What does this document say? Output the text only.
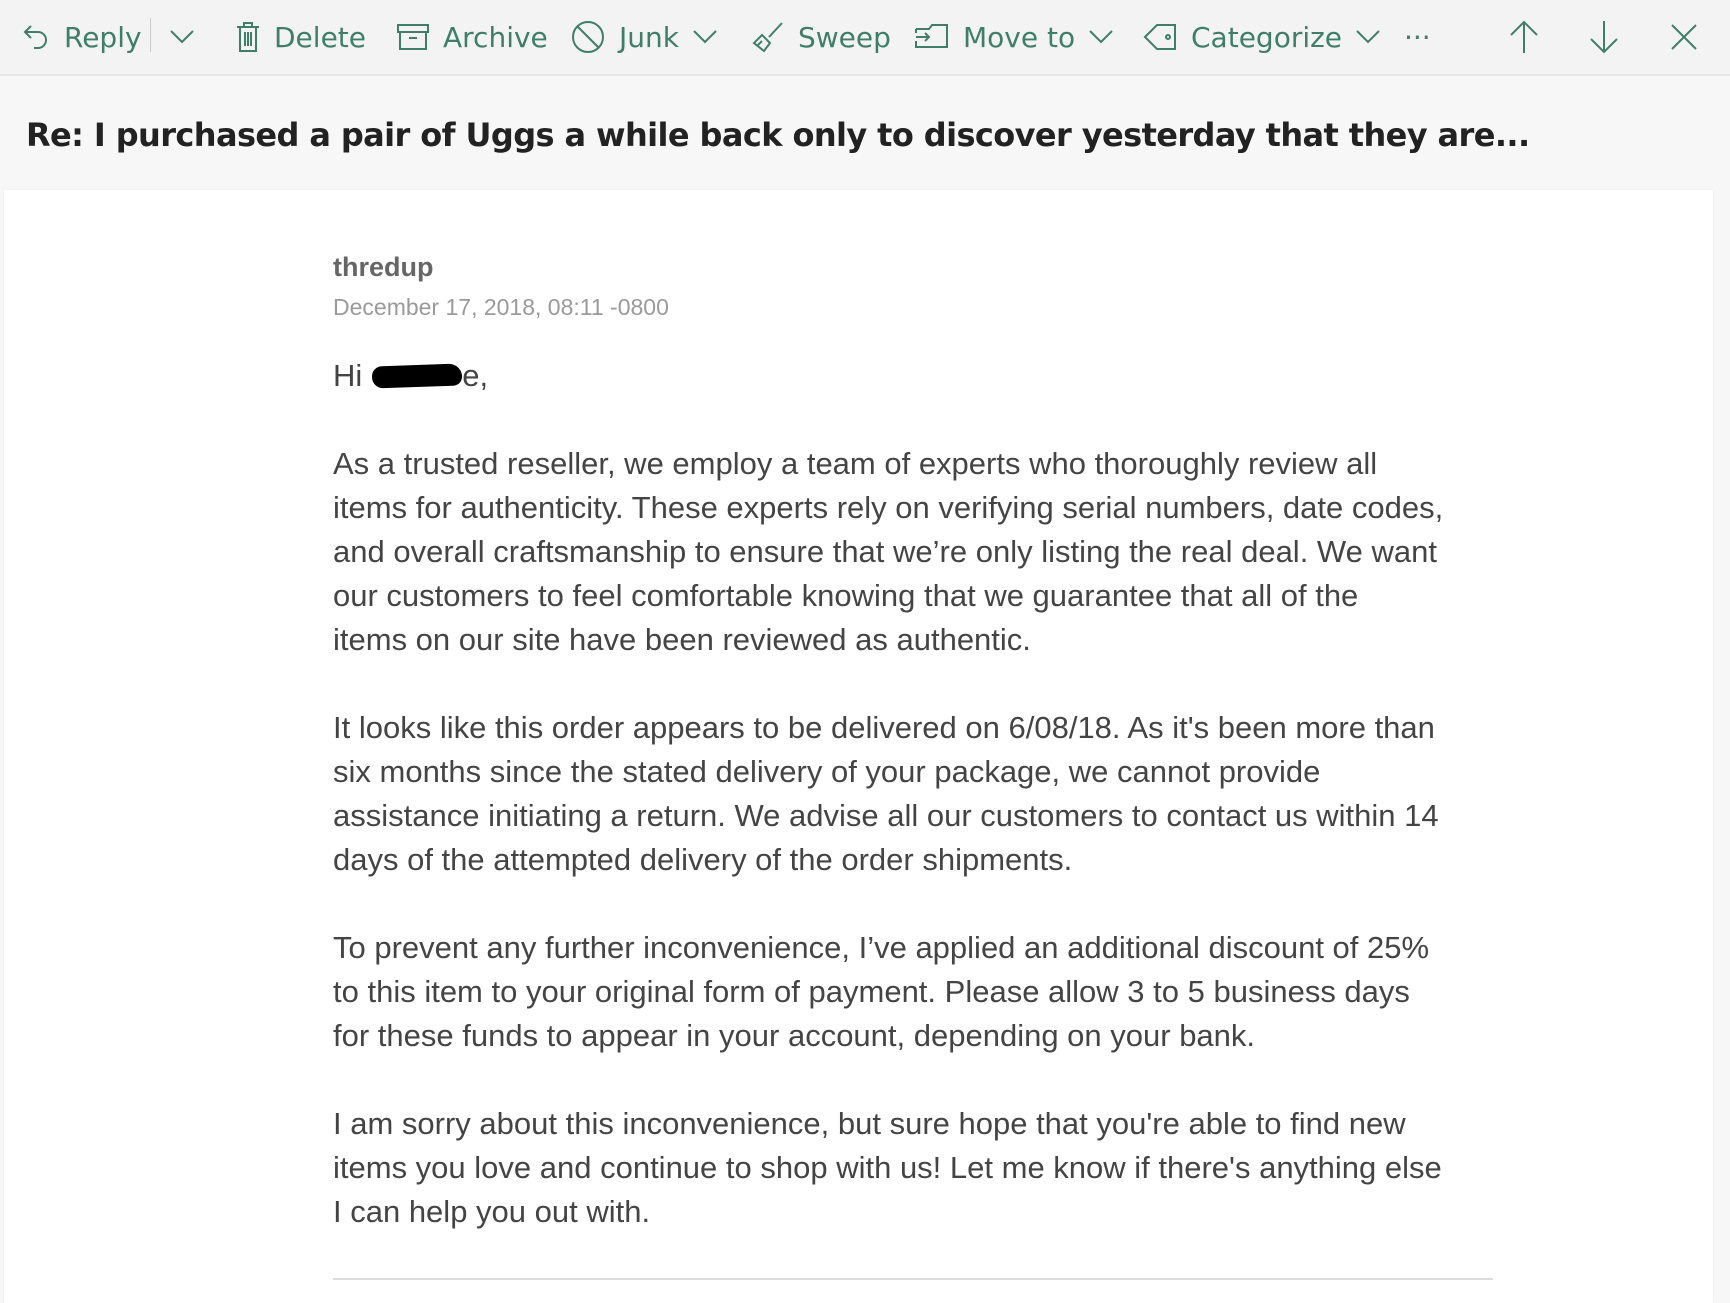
Reply	Delete	Archive	Junk	Sweep	Move to	Categorize ···
Re: I purchased a pair of Uggs a while back only to discover yesterday that they are...
thredup
December 17, 2018, 08:11 -0800
Hi	e,

As a trusted reseller, we employ a team of experts who thoroughly review all
items for authenticity. These experts rely on verifying serial numbers, date codes,
and overall craftsmanship to ensure that we’re only listing the real deal. We want
our customers to feel comfortable knowing that we guarantee that all of the
items on our site have been reviewed as authentic.

It looks like this order appears to be delivered on 6/08/18. As it's been more than
six months since the stated delivery of your package, we cannot provide
assistance initiating a return. We advise all our customers to contact us within 14
days of the attempted delivery of the order shipments.

To prevent any further inconvenience, I’ve applied an additional discount of 25%
to this item to your original form of payment. Please allow 3 to 5 business days
for these funds to appear in your account, depending on your bank.

I am sorry about this inconvenience, but sure hope that you're able to find new
items you love and continue to shop with us! Let me know if there's anything else
I can help you out with.
